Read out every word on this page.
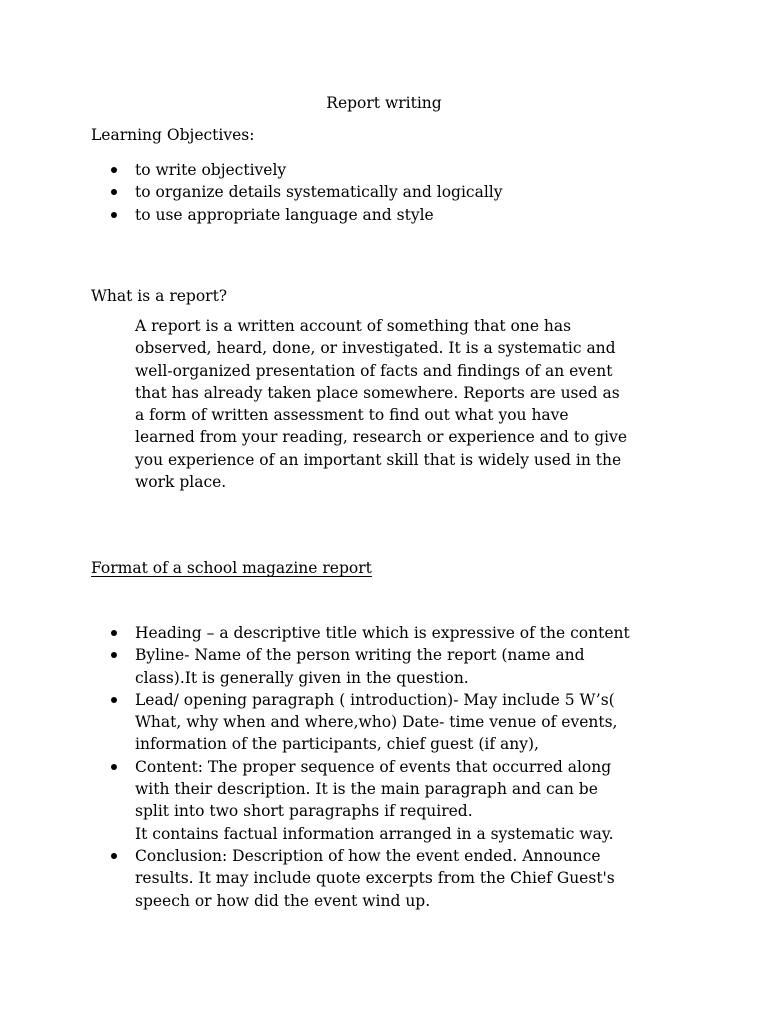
Report writing
Learning Objectives:
to write objectively
to organize details systematically and logically
to use appropriate language and style
What is a report?
A report is a written account of something that one has
observed, heard, done, or investigated. It is a systematic and
well-organized presentation of facts and findings of an event
that has already taken place somewhere. Reports are used as
a form of written assessment to find out what you have
learned from your reading, research or experience and to give
you experience of an important skill that is widely used in the
work place.
Format of a school magazine report
Heading – a descriptive title which is expressive of the content
Byline- Name of the person writing the report (name and
class).It is generally given in the question.
Lead/ opening paragraph ( introduction)- May include 5 W’s(
What, why when and where,who) Date- time venue of events,
information of the participants, chief guest (if any),
Content: The proper sequence of events that occurred along
with their description. It is the main paragraph and can be
split into two short paragraphs if required.
It contains factual information arranged in a systematic way.
Conclusion: Description of how the event ended. Announce
results. It may include quote excerpts from the Chief Guest's
speech or how did the event wind up.
